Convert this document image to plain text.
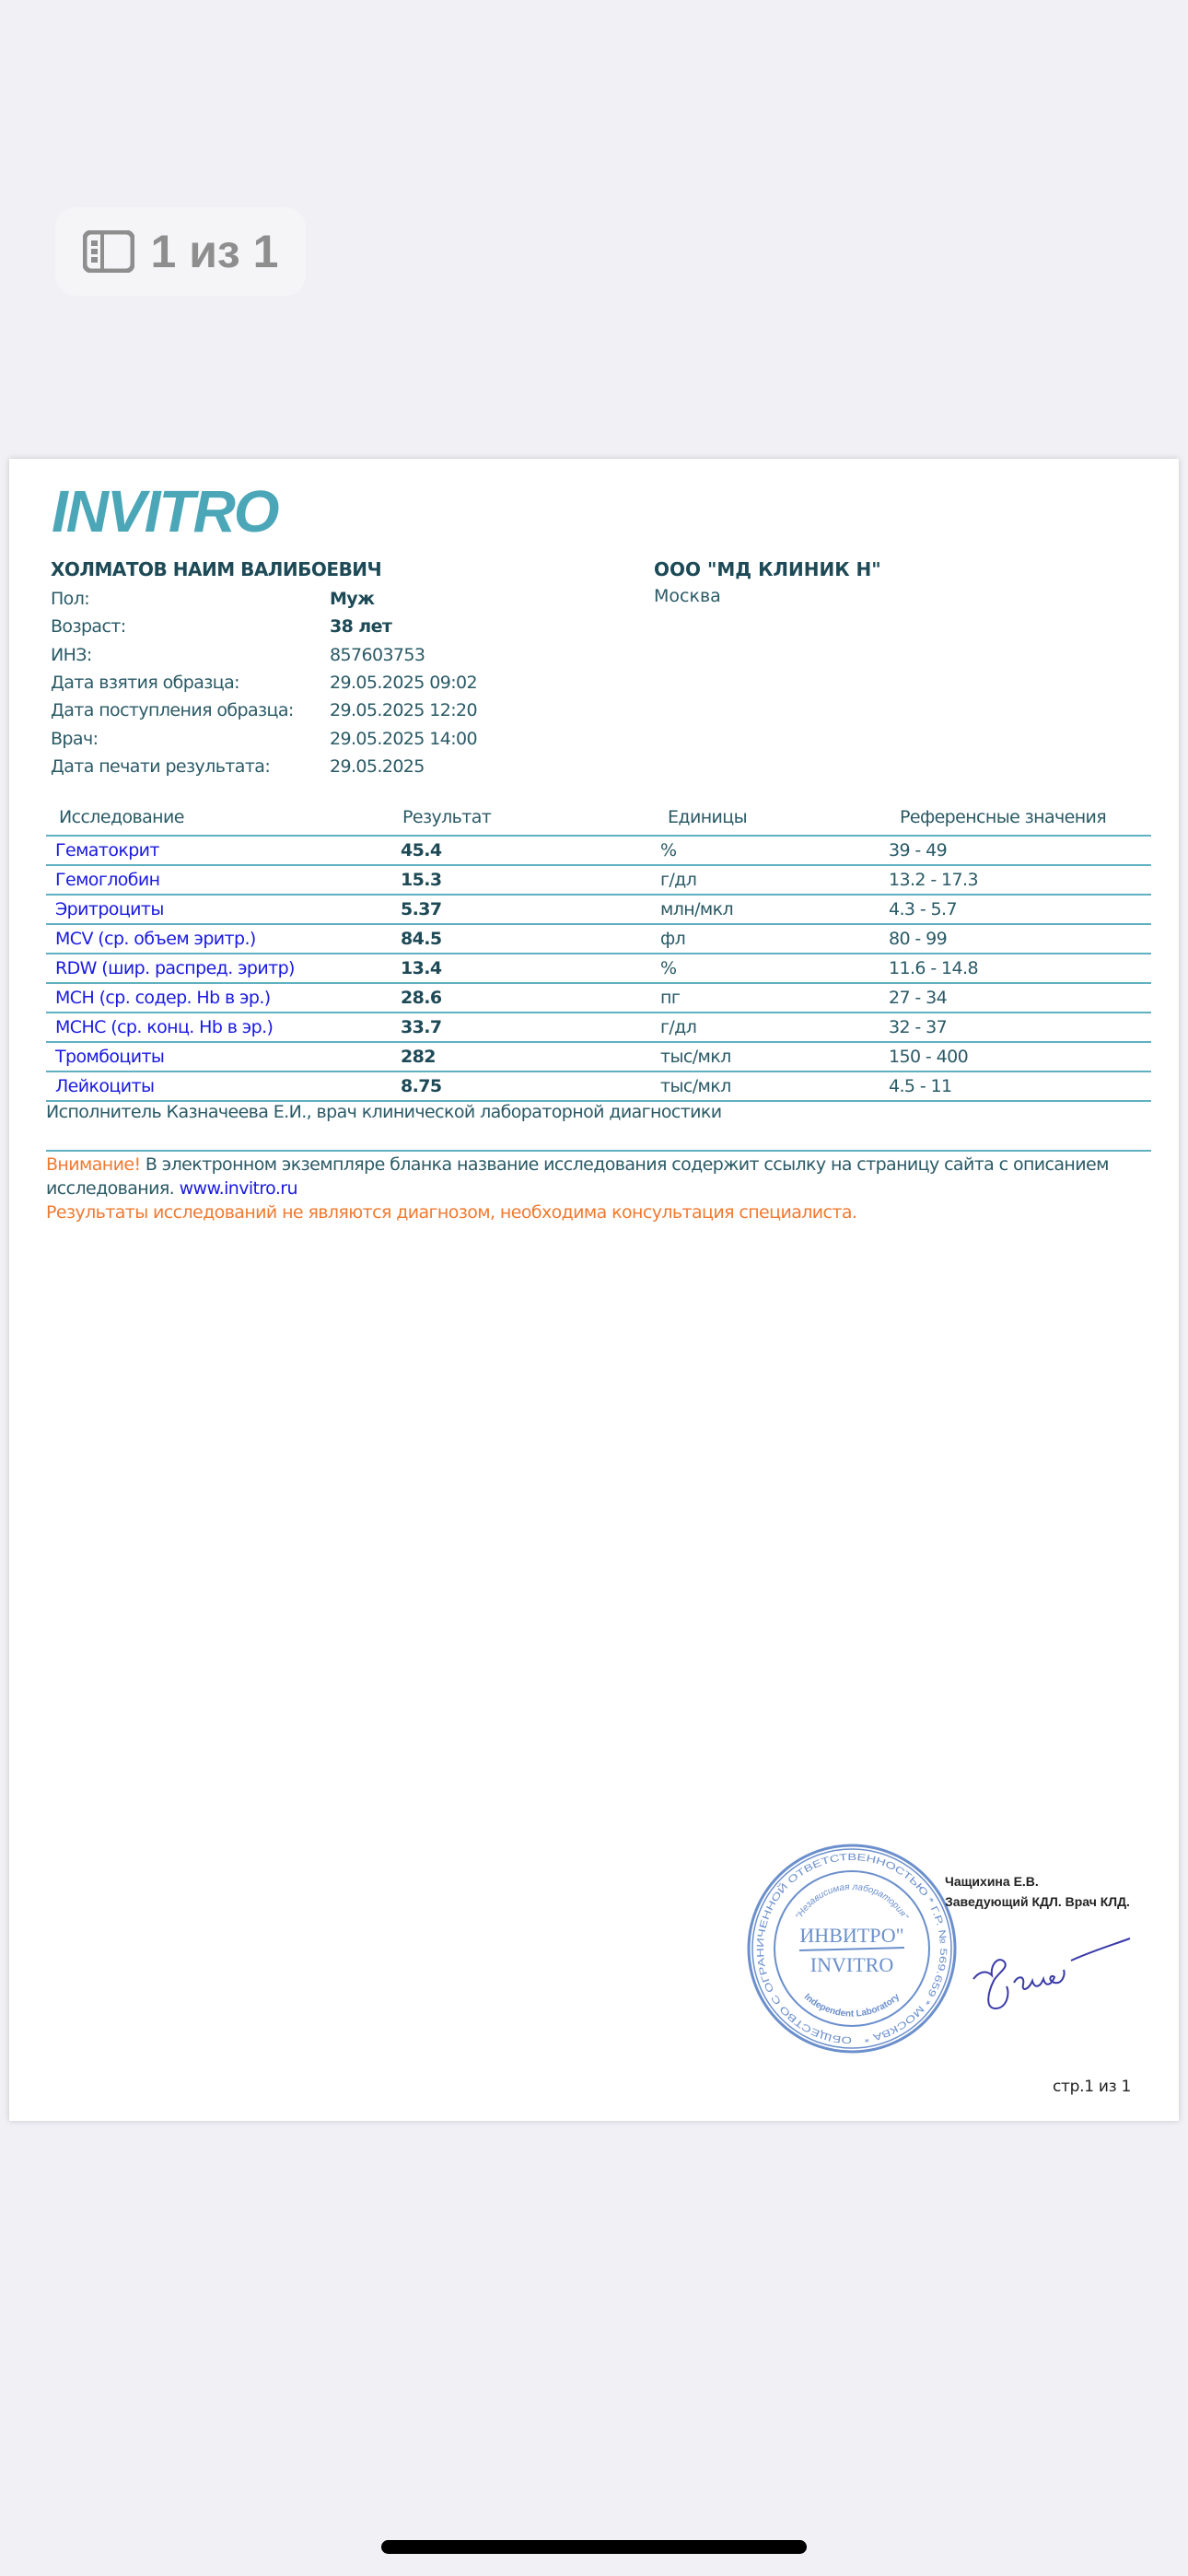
1 из 1
INVITRO
ХОЛМАТОВ НАИМ ВАЛИБОЕВИЧ
Пол:	Муж
Возраст:	38 лет
ИНЗ:	857603753
Дата взятия образца:	29.05.2025 09:02
Дата поступления образца:	29.05.2025 12:20
Врач:	29.05.2025 14:00
Дата печати результата:	29.05.2025
ООО "МД КЛИНИК Н"
Москва
Исследование	Результат	Единицы	Референсные значения
Гематокрит	45.4	%	39 - 49
Гемоглобин	15.3	г/дл	13.2 - 17.3
Эритроциты	5.37	млн/мкл	4.3 - 5.7
MCV (ср. объем эритр.)	84.5	фл	80 - 99
RDW (шир. распред. эритр)	13.4	%	11.6 - 14.8
MCH (ср. содер. Hb в эр.)	28.6	пг	27 - 34
MCHC (ср. конц. Hb в эр.)	33.7	г/дл	32 - 37
Тромбоциты	282	тыс/мкл	150 - 400
Лейкоциты	8.75	тыс/мкл	4.5 - 11
Исполнитель Казначеева Е.И., врач клинической лабораторной диагностики
Внимание! В электронном экземпляре бланка название исследования содержит ссылку на страницу сайта с описанием исследования. www.invitro.ru
Результаты исследований не являются диагнозом, необходима консультация специалиста.
ОБЩЕСТВО С ОГРАНИЧЕННОЙ ОТВЕТСТВЕННОСТЬЮ * Г.Р. № 569.659 * МОСКВА *
"Независимая лаборатория"
Independent Laboratory
ИНВИТРО"
INVITRO
Чащихина Е.В.
Заведующий КДЛ. Врач КЛД.
стр.1 из 1
